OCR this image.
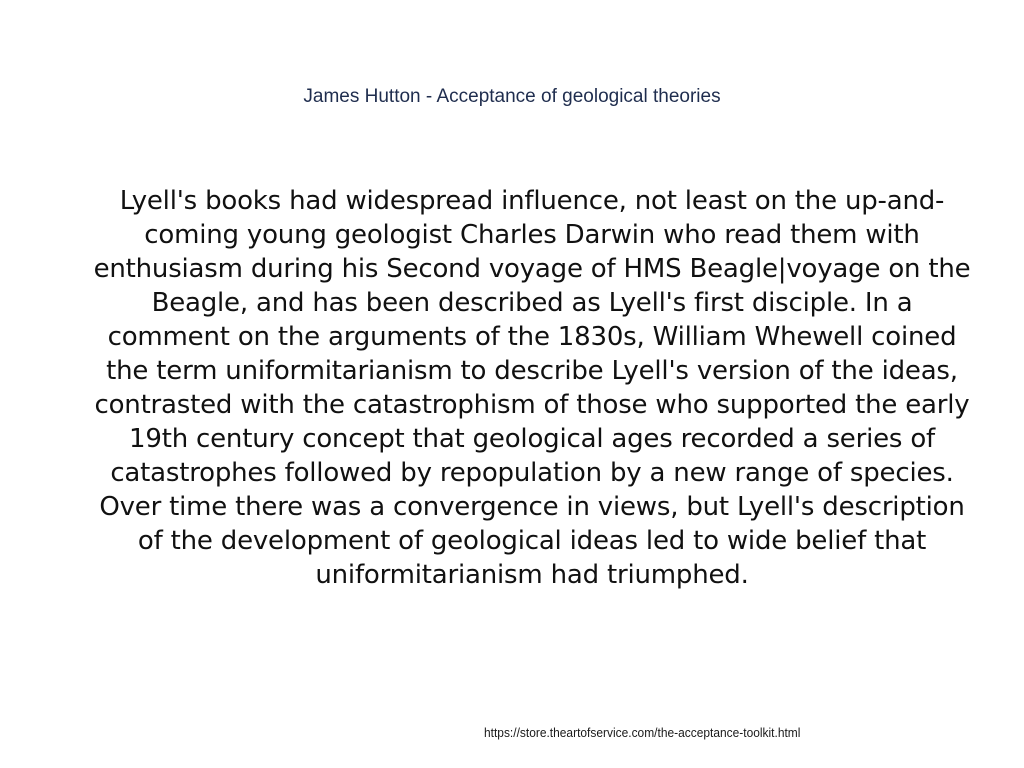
James Hutton - Acceptance of geological theories
Lyell's books had widespread influence, not least on the up-and-coming young geologist Charles Darwin who read them with enthusiasm during his Second voyage of HMS Beagle|voyage on the Beagle, and has been described as Lyell's first disciple. In a comment on the arguments of the 1830s, William Whewell coined the term uniformitarianism to describe Lyell's version of the ideas, contrasted with the catastrophism of those who supported the early 19th century concept that geological ages recorded a series of catastrophes followed by repopulation by a new range of species. Over time there was a convergence in views, but Lyell's description of the development of geological ideas led to wide belief that uniformitarianism had triumphed.
https://store.theartofservice.com/the-acceptance-toolkit.html
